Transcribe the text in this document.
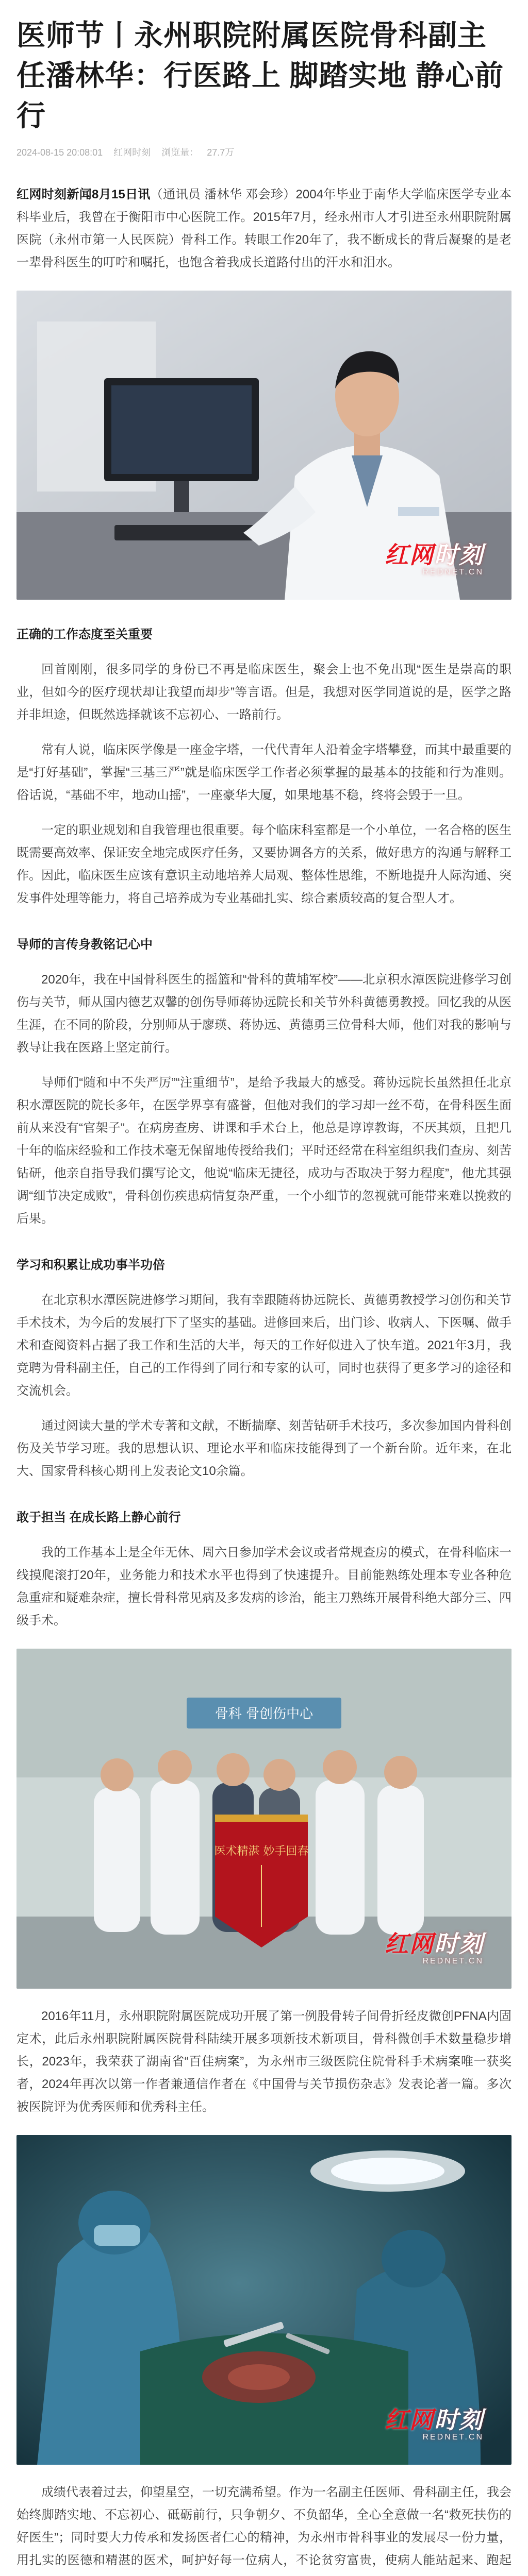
医师节丨永州职院附属医院骨科副主任潘林华：行医路上 脚踏实地 静心前行
2024-08-15 20:08:01 红网时刻 浏览量： 27.7万

红网时刻新闻8月15日讯（通讯员 潘林华 邓会珍）2004年毕业于南华大学临床医学专业本科毕业后，我曾在于衡阳市中心医院工作。2015年7月，经永州市人才引进至永州职院附属医院（永州市第一人民医院）骨科工作。转眼工作20年了，我不断成长的背后凝聚的是老一辈骨科医生的叮咛和嘱托，也饱含着我成长道路付出的汗水和泪水。

红网时刻
REDNET.CN

正确的工作态度至关重要

回首刚刚，很多同学的身份已不再是临床医生，聚会上也不免出现“医生是崇高的职业，但如今的医疗现状却让我望而却步”等言语。但是，我想对医学同道说的是，医学之路并非坦途，但既然选择就该不忘初心、一路前行。

常有人说，临床医学像是一座金字塔，一代代青年人沿着金字塔攀登，而其中最重要的是“打好基础”，掌握“三基三严”就是临床医学工作者必须掌握的最基本的技能和行为准则。俗话说，“基础不牢，地动山摇”，一座豪华大厦，如果地基不稳，终将会毁于一旦。

一定的职业规划和自我管理也很重要。每个临床科室都是一个小单位，一名合格的医生既需要高效率、保证安全地完成医疗任务，又要协调各方的关系，做好患方的沟通与解释工作。因此，临床医生应该有意识主动地培养大局观、整体性思维，不断地提升人际沟通、突发事件处理等能力，将自己培养成为专业基础扎实、综合素质较高的复合型人才。

导师的言传身教铭记心中

2020年，我在中国骨科医生的摇篮和“骨科的黄埔军校”——北京积水潭医院进修学习创伤与关节，师从国内德艺双馨的创伤导师蒋协远院长和关节外科黄德勇教授。回忆我的从医生涯，在不同的阶段，分别师从于廖瑛、蒋协远、黄德勇三位骨科大师，他们对我的影响与教导让我在医路上坚定前行。

导师们“随和中不失严厉”“注重细节”，是给予我最大的感受。蒋协远院长虽然担任北京积水潭医院的院长多年，在医学界享有盛誉，但他对我们的学习却一丝不苟，在骨科医生面前从来没有“官架子”。在病房查房、讲课和手术台上，他总是谆谆教诲，不厌其烦，且把几十年的临床经验和工作技术毫无保留地传授给我们；平时还经常在科室组织我们查房、刻苦钻研，他亲自指导我们撰写论文，他说“临床无捷径，成功与否取决于努力程度”，他尤其强调“细节决定成败”，骨科创伤疾患病情复杂严重，一个小细节的忽视就可能带来难以挽救的后果。

学习和积累让成功事半功倍

在北京积水潭医院进修学习期间，我有幸跟随蒋协远院长、黄德勇教授学习创伤和关节手术技术，为今后的发展打下了坚实的基础。进修回来后，出门诊、收病人、下医嘱、做手术和查阅资料占据了我工作和生活的大半，每天的工作好似进入了快车道。2021年3月，我竞聘为骨科副主任，自己的工作得到了同行和专家的认可，同时也获得了更多学习的途径和交流机会。

通过阅读大量的学术专著和文献，不断揣摩、刻苦钻研手术技巧，多次参加国内骨科创伤及关节学习班。我的思想认识、理论水平和临床技能得到了一个新台阶。近年来，在北大、国家骨科核心期刊上发表论文10余篇。

敢于担当 在成长路上静心前行

我的工作基本上是全年无休、周六日参加学术会议或者常规查房的模式，在骨科临床一线摸爬滚打20年，业务能力和技术水平也得到了快速提升。目前能熟练处理本专业各种危急重症和疑难杂症，擅长骨科常见病及多发病的诊治，能主刀熟练开展骨科绝大部分三、四级手术。

骨科 骨创伤中心
医术精湛 妙手回春
红网时刻
REDNET.CN

2016年11月，永州职院附属医院成功开展了第一例股骨转子间骨折经皮微创PFNA内固定术，此后永州职院附属医院骨科陆续开展多项新技术新项目，骨科微创手术数量稳步增长，2023年，我荣获了湖南省“百佳病案”，为永州市三级医院住院骨科手术病案唯一获奖者，2024年再次以第一作者兼通信作者在《中国骨与关节损伤杂志》发表论著一篇。多次被医院评为优秀医师和优秀科主任。

红网时刻
REDNET.CN

成绩代表着过去，仰望星空，一切充满希望。作为一名副主任医师、骨科副主任，我会始终脚踏实地、不忘初心、砥砺前行，只争朝夕、不负韶华，全心全意做一名“救死扶伤的好医生”；同时要大力传承和发扬医者仁心的精神，为永州市骨科事业的发展尽一份力量，用扎实的医德和精湛的医术，呵护好每一位病人，不论贫穷富贵，使病人能站起来、跑起
